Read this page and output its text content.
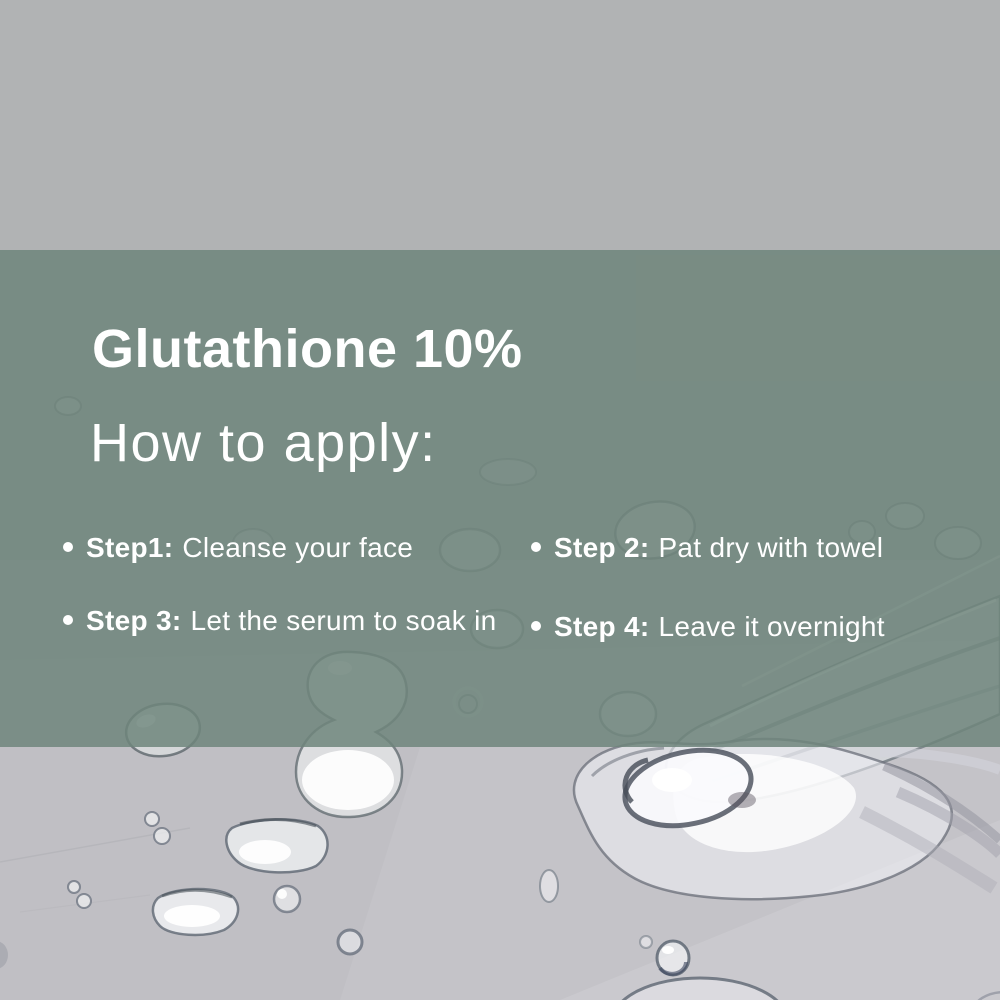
Glutathione 10%
How to apply:
Step1: Cleanse your face	Step 2: Pat dry with towel
Step 3: Let the serum to soak in Step 4: Leave it overnight
